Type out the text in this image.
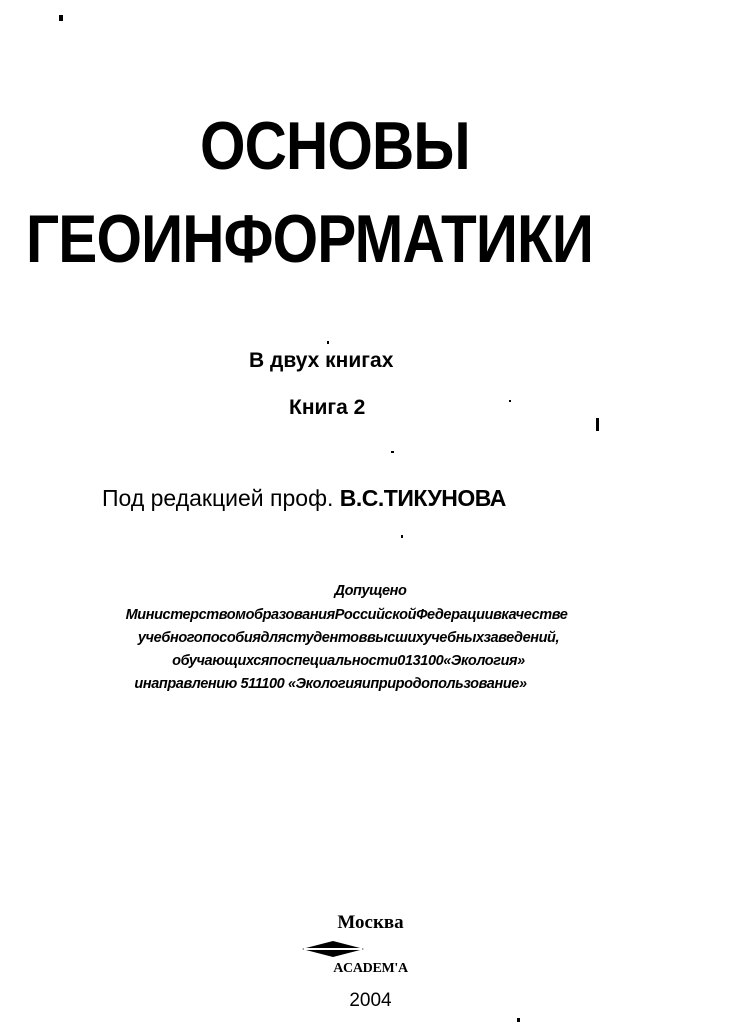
ОСНОВЫ
ГЕОИНФОРМАТИКИ
В двух книгах
Книга 2
Под редакцией проф. В.С.ТИКУНОВА
Допущено
МинистерствомобразованияРоссийскойФедерациивкачестве
учебногопособиядлястудентоввысшихучебныхзаведений,
обучающихсяпоспециальности013100«Экология»
инаправлению 511100 «Экологияиприродопользование»
Москва
ACADEM'A
2004
